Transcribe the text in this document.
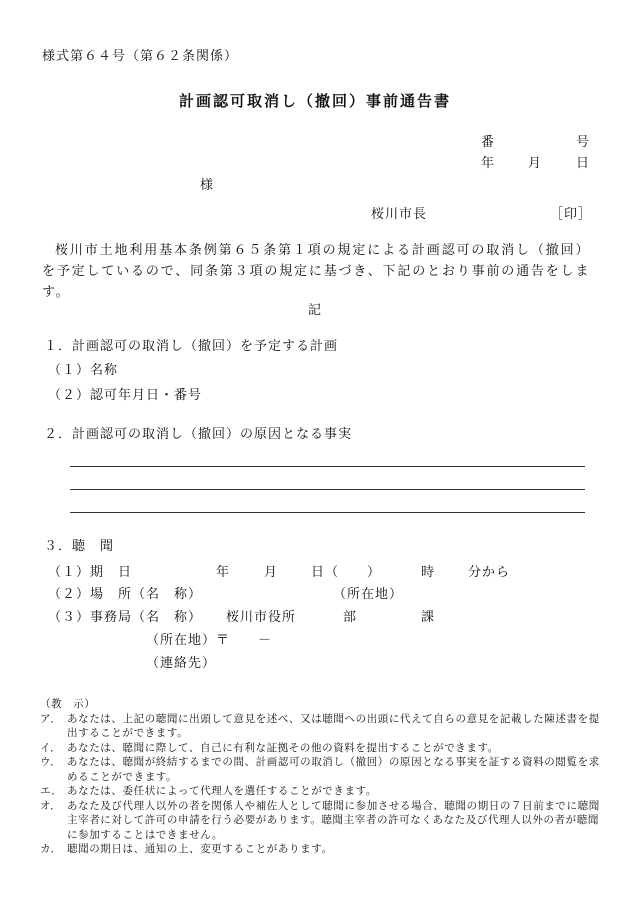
様式第６４号（第６２条関係）
計画認可取消し（撤回）事前通告書
番	号
年	月	日
様
桜川市長	［印］
桜川市土地利用基本条例第６５条第１項の規定による計画認可の取消し（撤回）を予定しているので、同条第３項の規定に基づき、下記のとおり事前の通告をします。
記
１．計画認可の取消し（撤回）を予定する計画
（１）名称
（２）認可年月日・番号
２．計画認可の取消し（撤回）の原因となる事実
３．聴　聞
（１）期　日	年	月	日（　　）	時	分から
（２）場　所（名　称）	（所在地）
（３）事務局（名　称） 桜川市役所	部	課
（所在地） 〒　　－
（連絡先）
（教　示）
ア． あなたは、上記の聴聞に出頭して意見を述べ、又は聴聞への出頭に代えて自らの意見を記載した陳述書を提出することができます。
イ． あなたは、聴聞に際して、自己に有利な証拠その他の資料を提出することができます。
ウ． あなたは、聴聞が終結するまでの間、計画認可の取消し（撤回）の原因となる事実を証する資料の閲覧を求めることができます。
エ． あなたは、委任状によって代理人を選任することができます。
オ． あなた及び代理人以外の者を関係人や補佐人として聴聞に参加させる場合、聴聞の期日の７日前までに聴聞主宰者に対して許可の申請を行う必要があります。聴聞主宰者の許可なくあなた及び代理人以外の者が聴聞に参加することはできません。
カ． 聴聞の期日は、通知の上、変更することがあります。
